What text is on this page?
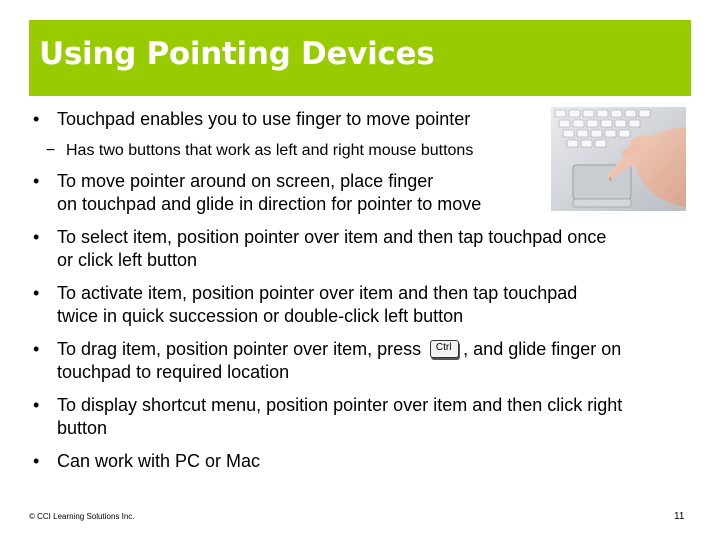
Using Pointing Devices
• Touchpad enables you to use finger to move pointer
− Has two buttons that work as left and right mouse buttons
• To move pointer around on screen, place finger
on touchpad and glide in direction for pointer to move
• To select item, position pointer over item and then tap touchpad once
or click left button
• To activate item, position pointer over item and then tap touchpad
twice in quick succession or double-click left button
• To drag item, position pointer over item, press Ctrl , and glide finger on
touchpad to required location
• To display shortcut menu, position pointer over item and then click right
button
• Can work with PC or Mac
© CCI Learning Solutions Inc.	11
